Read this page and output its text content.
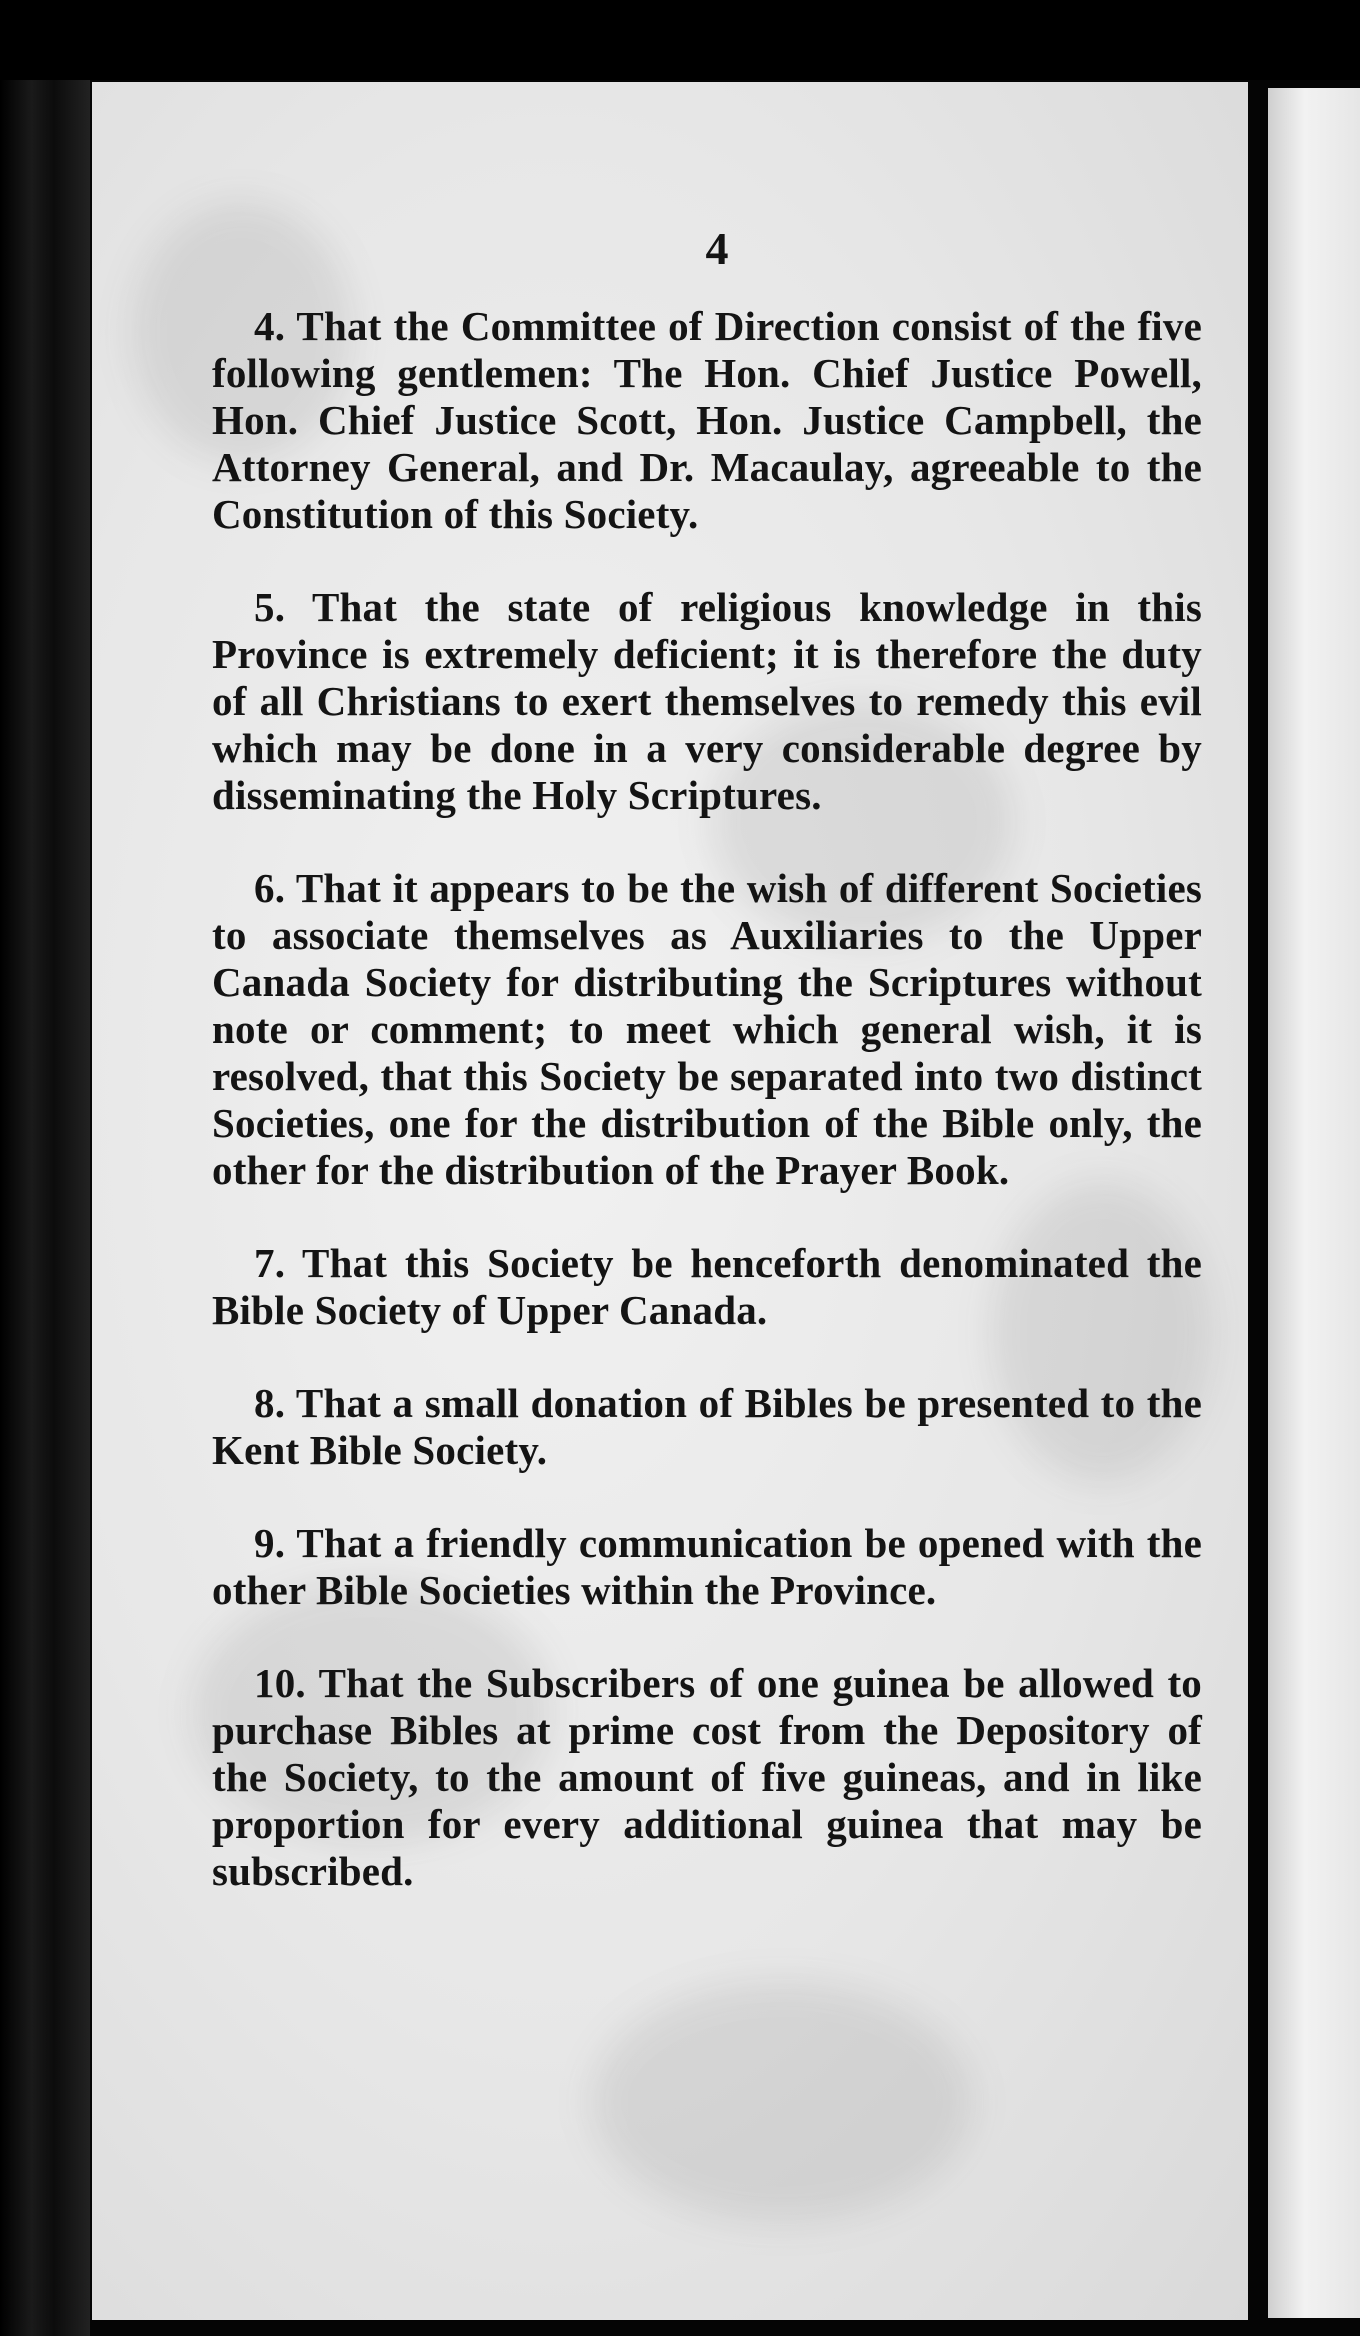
4

4. That the Committee of Direction consist of the five following gentlemen: The Hon. Chief Justice Powell, Hon. Chief Justice Scott, Hon. Justice Campbell, the Attorney General, and Dr. Macaulay, agreeable to the Constitution of this Society.

5. That the state of religious knowledge in this Province is extremely deficient; it is therefore the duty of all Christians to exert themselves to remedy this evil which may be done in a very considerable degree by disseminating the Holy Scriptures.

6. That it appears to be the wish of different Societies to associate themselves as Auxiliaries to the Upper Canada Society for distributing the Scriptures without note or comment; to meet which general wish, it is resolved, that this Society be separated into two distinct Societies, one for the distribution of the Bible only, the other for the distribution of the Prayer Book.

7. That this Society be henceforth denominated the Bible Society of Upper Canada.

8. That a small donation of Bibles be presented to the Kent Bible Society.

9. That a friendly communication be opened with the other Bible Societies within the Province.

10. That the Subscribers of one guinea be allowed to purchase Bibles at prime cost from the Depository of the Society, to the amount of five guineas, and in like proportion for every additional guinea that may be subscribed.
